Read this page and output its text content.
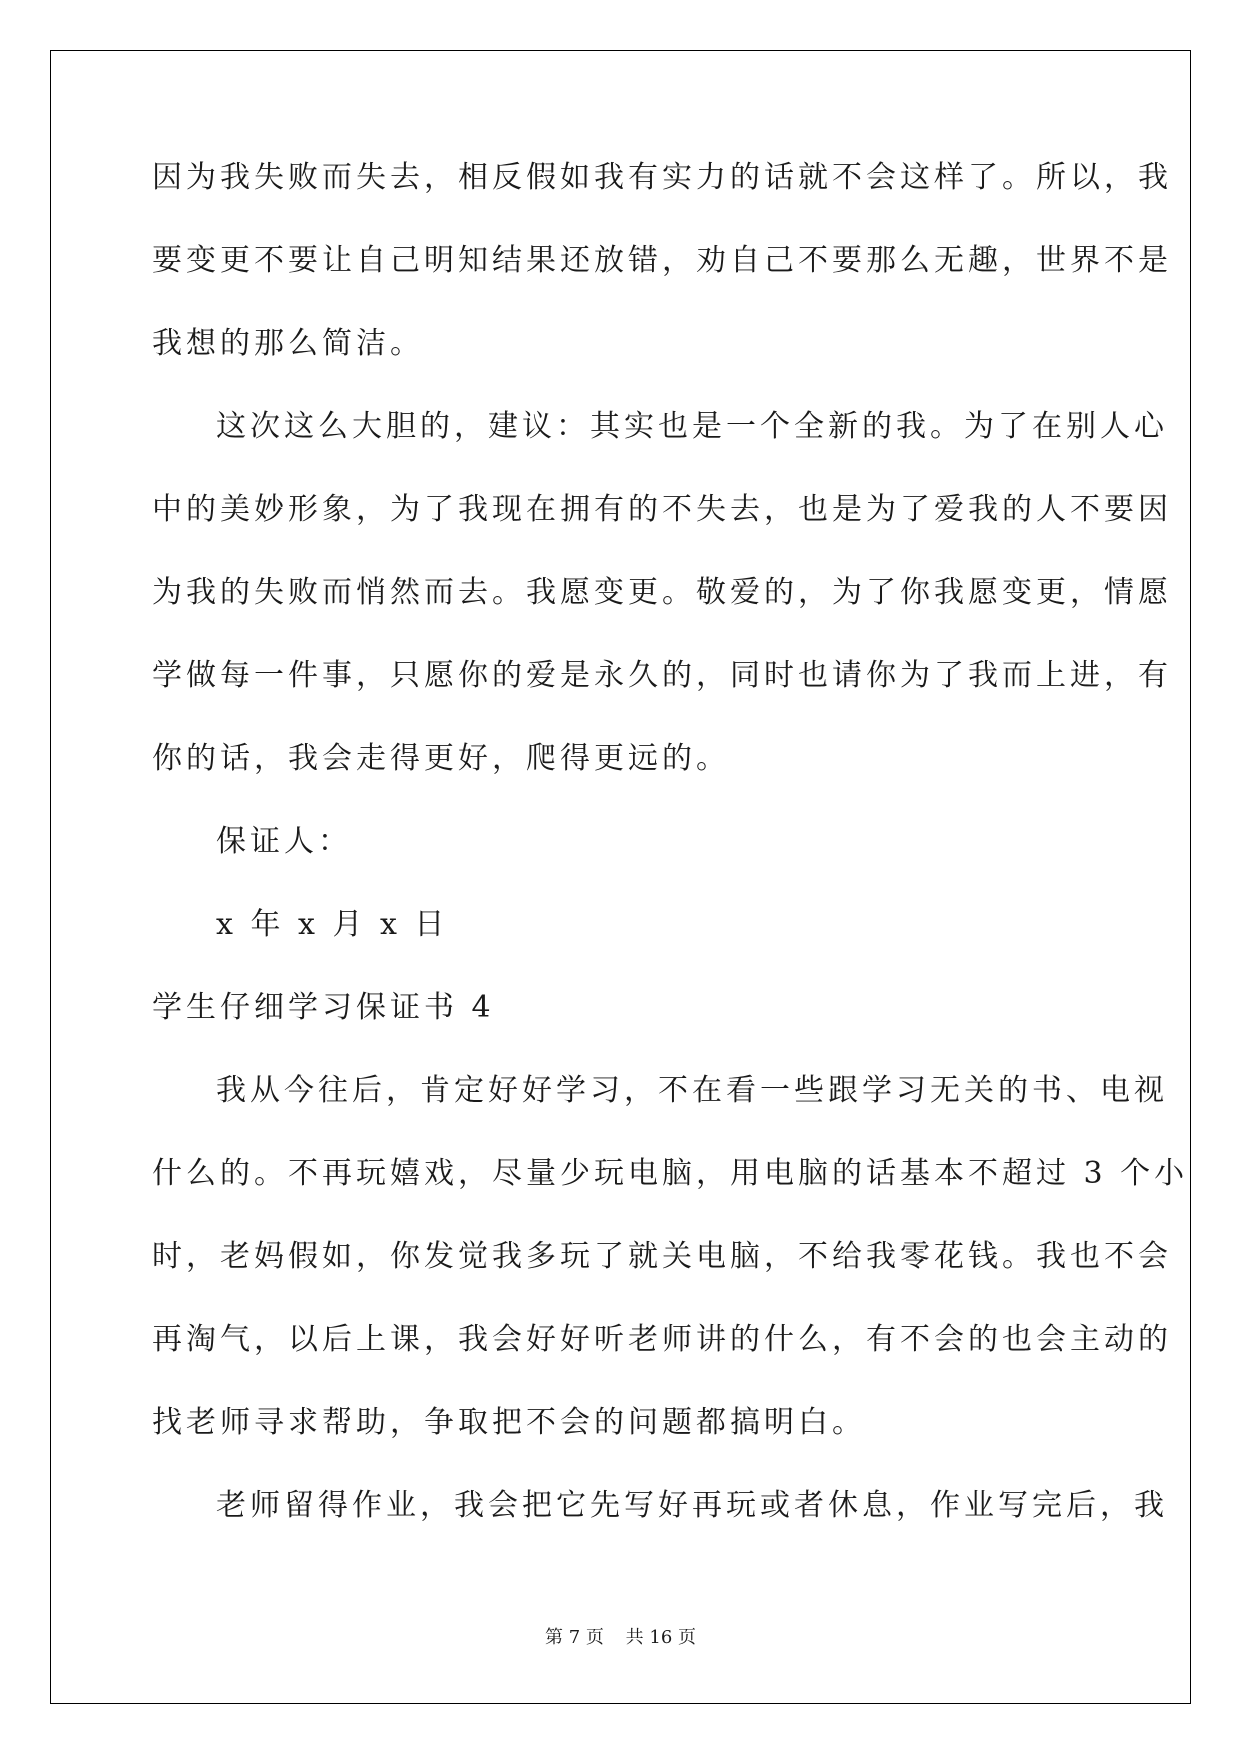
因为我失败而失去，相反假如我有实力的话就不会这样了。所以，我
要变更不要让自己明知结果还放错，劝自己不要那么无趣，世界不是
我想的那么简洁。
这次这么大胆的，建议：其实也是一个全新的我。为了在别人心
中的美妙形象，为了我现在拥有的不失去，也是为了爱我的人不要因
为我的失败而悄然而去。我愿变更。敬爱的，为了你我愿变更，情愿
学做每一件事，只愿你的爱是永久的，同时也请你为了我而上进，有
你的话，我会走得更好，爬得更远的。
保证人：
x 年 x 月 x 日
学生仔细学习保证书 4
我从今往后，肯定好好学习，不在看一些跟学习无关的书、电视
什么的。不再玩嬉戏，尽量少玩电脑，用电脑的话基本不超过 3 个小
时，老妈假如，你发觉我多玩了就关电脑，不给我零花钱。我也不会
再淘气，以后上课，我会好好听老师讲的什么，有不会的也会主动的
找老师寻求帮助，争取把不会的问题都搞明白。
老师留得作业，我会把它先写好再玩或者休息，作业写完后，我
第 7 页 共 16 页
